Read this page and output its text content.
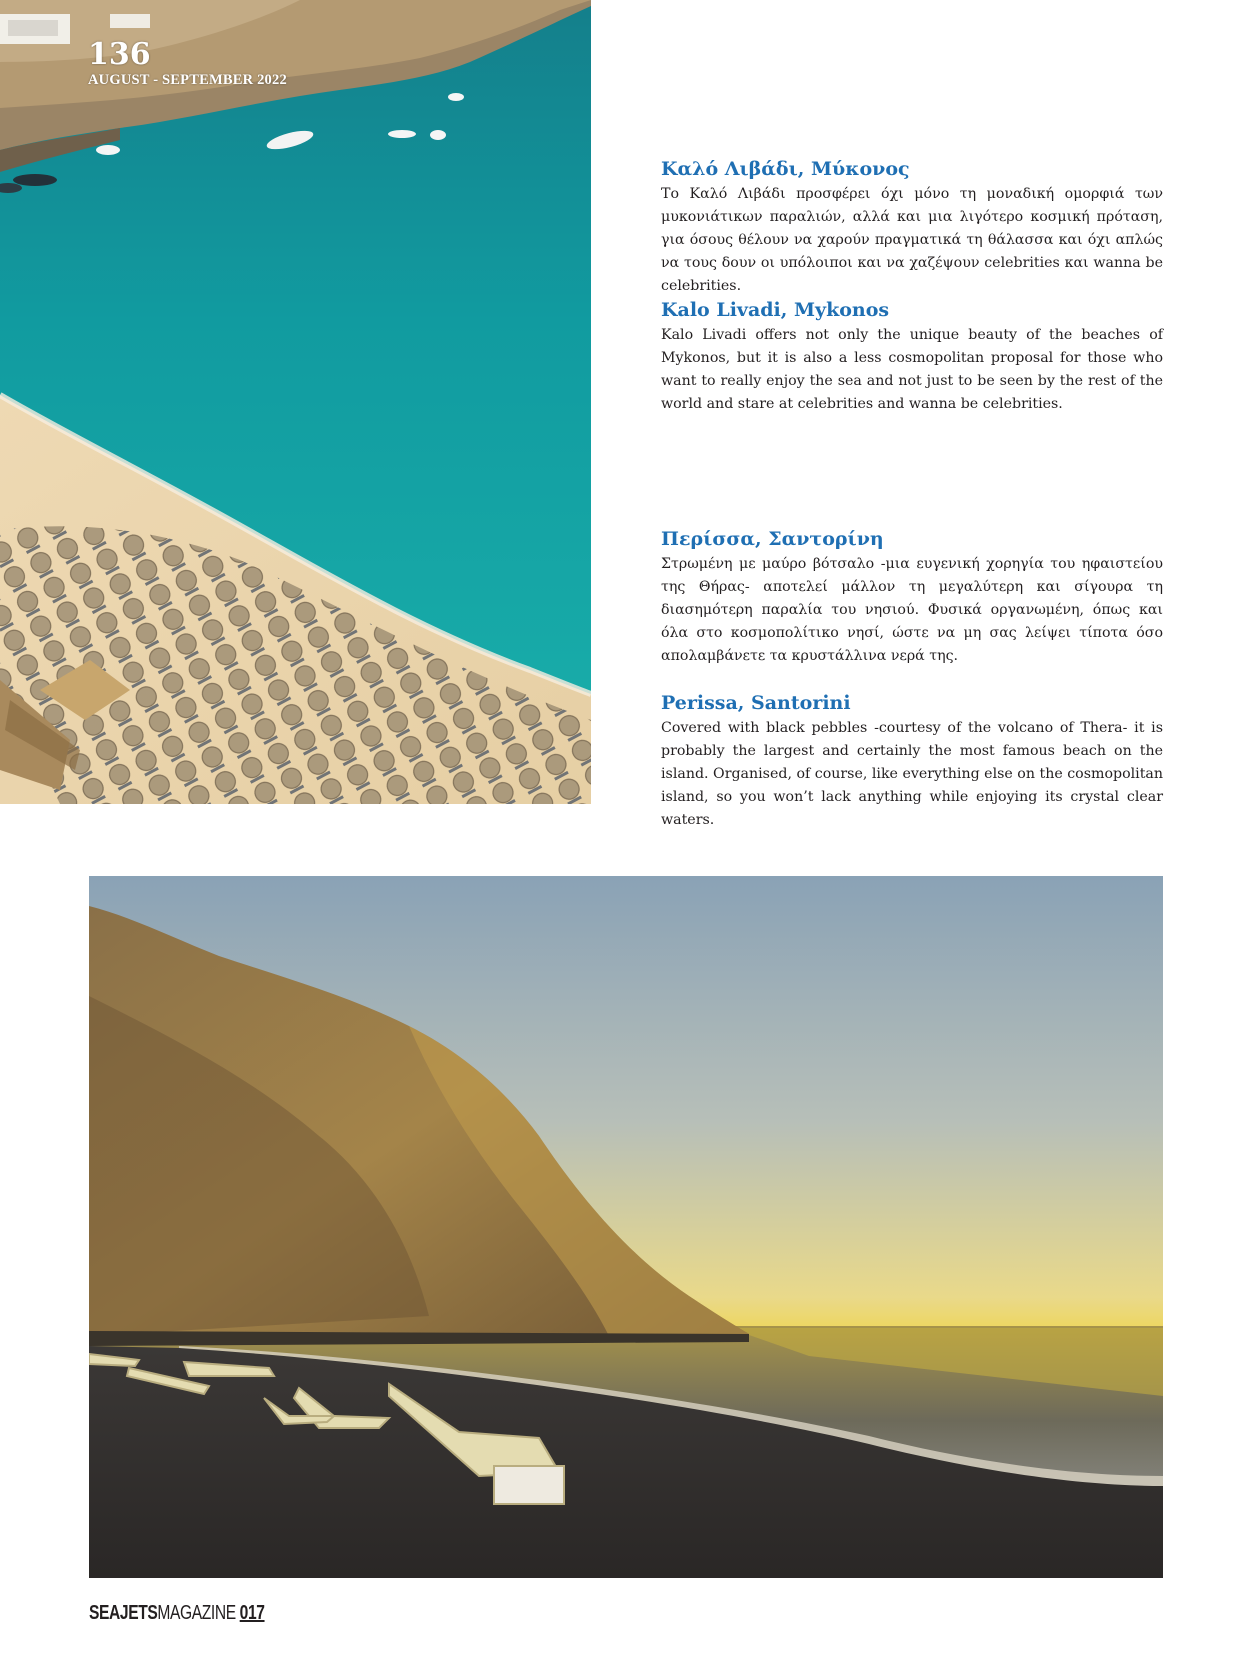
136
AUGUST - SEPTEMBER 2022
Καλό Λιβάδι, Μύκονος

Το Καλό Λιβάδι προσφέρει όχι μόνο τη μοναδική ομορφιά των μυκονιάτικων παραλιών, αλλά και μια λιγότερο κοσμική πρόταση, για όσους θέλουν να χαρούν πραγματικά τη θάλασσα και όχι απλώς να τους δουν οι υπόλοιποι και να χαζέψουν celebrities και wanna be celebrities.

Kalo Livadi, Mykonos

Kalo Livadi offers not only the unique beauty of the beaches of Mykonos, but it is also a less cosmopolitan proposal for those who want to really enjoy the sea and not just to be seen by the rest of the world and stare at celebrities and wanna be celebrities.

Περίσσα, Σαντορίνη

Στρωμένη με μαύρο βότσαλο -μια ευγενική χορηγία του ηφαιστείου της Θήρας- αποτελεί μάλλον τη μεγαλύτερη και σίγουρα τη διασημότερη παραλία του νησιού. Φυσικά οργανωμένη, όπως και όλα στο κοσμοπολίτικο νησί, ώστε να μη σας λείψει τίποτα όσο απολαμβάνετε τα κρυστάλλινα νερά της.

Perissa, Santorini

Covered with black pebbles -courtesy of the volcano of Thera- it is probably the largest and certainly the most famous beach on the island. Organised, of course, like everything else on the cosmopolitan island, so you won’t lack anything while enjoying its crystal clear waters.

SEAJETSMAGAZINE 017
